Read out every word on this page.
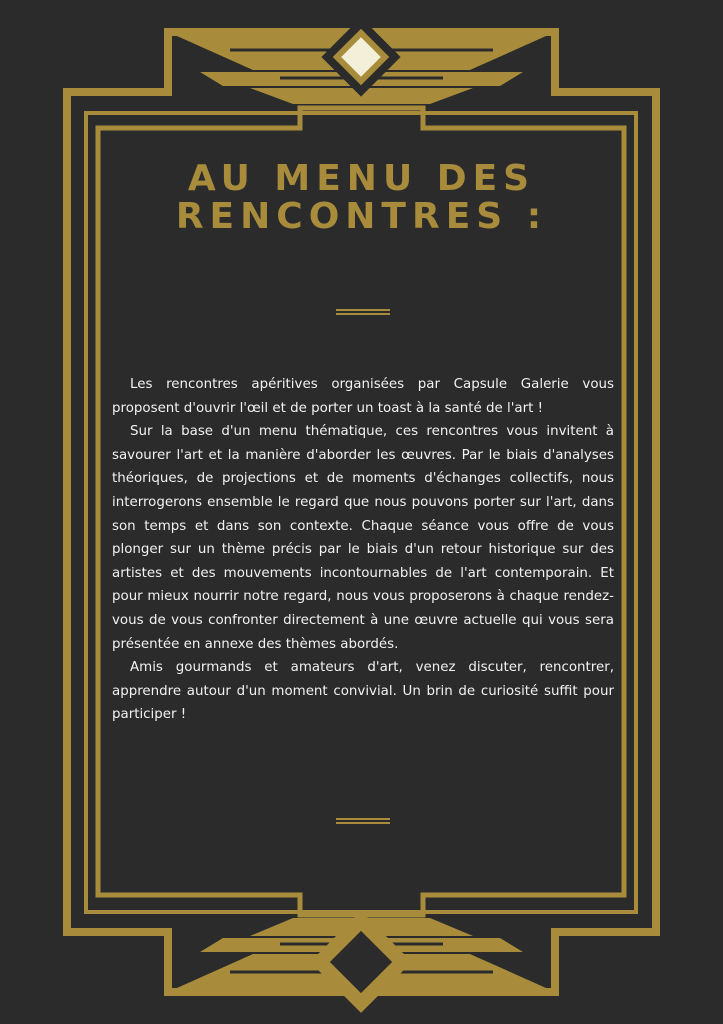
AU MENU DES
RENCONTRES :

Les rencontres apéritives organisées par Capsule Galerie vous proposent d'ouvrir l'œil et de porter un toast à la santé de l'art !

Sur la base d'un menu thématique, ces rencontres vous invitent à savourer l'art et la manière d'aborder les œuvres. Par le biais d'analyses théoriques, de projections et de moments d'échanges collectifs, nous interrogerons ensemble le regard que nous pouvons porter sur l'art, dans son temps et dans son contexte. Chaque séance vous offre de vous plonger sur un thème précis par le biais d'un retour historique sur des artistes et des mouvements incontournables de l'art contemporain. Et pour mieux nourrir notre regard, nous vous proposerons à chaque rendez-vous de vous confronter directement à une œuvre actuelle qui vous sera présentée en annexe des thèmes abordés.

Amis gourmands et amateurs d'art, venez discuter, rencontrer, apprendre autour d'un moment convivial. Un brin de curiosité suffit pour participer !
